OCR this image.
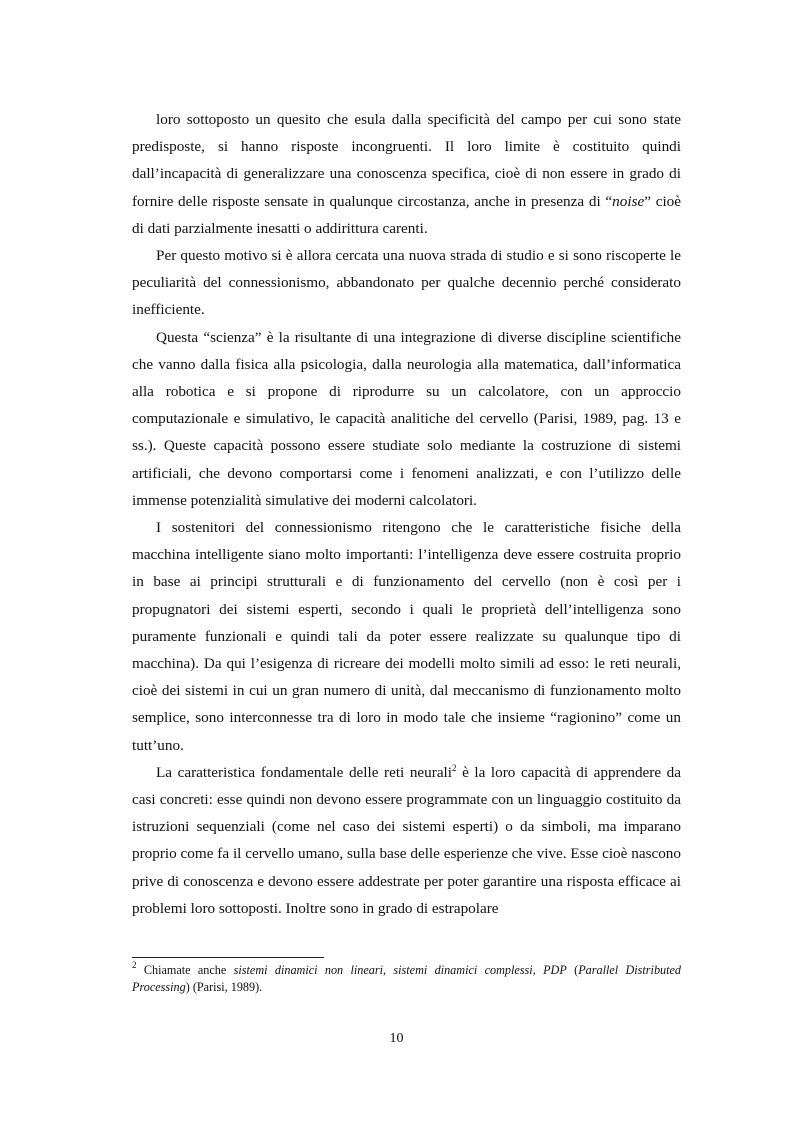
loro sottoposto un quesito che esula dalla specificità del campo per cui sono state predisposte, si hanno risposte incongruenti. Il loro limite è costituito quindi dall’incapacità di generalizzare una conoscenza specifica, cioè di non essere in grado di fornire delle risposte sensate in qualunque circostanza, anche in presenza di “noise” cioè di dati parzialmente inesatti o addirittura carenti.

Per questo motivo si è allora cercata una nuova strada di studio e si sono riscoperte le peculiarità del connessionismo, abbandonato per qualche decennio perché considerato inefficiente.

Questa “scienza” è la risultante di una integrazione di diverse discipline scientifiche che vanno dalla fisica alla psicologia, dalla neurologia alla matematica, dall’informatica alla robotica e si propone di riprodurre su un calcolatore, con un approccio computazionale e simulativo, le capacità analitiche del cervello (Parisi, 1989, pag. 13 e ss.). Queste capacità possono essere studiate solo mediante la costruzione di sistemi artificiali, che devono comportarsi come i fenomeni analizzati, e con l’utilizzo delle immense potenzialità simulative dei moderni calcolatori.

I sostenitori del connessionismo ritengono che le caratteristiche fisiche della macchina intelligente siano molto importanti: l’intelligenza deve essere costruita proprio in base ai principi strutturali e di funzionamento del cervello (non è così per i propugnatori dei sistemi esperti, secondo i quali le proprietà dell’intelligenza sono puramente funzionali e quindi tali da poter essere realizzate su qualunque tipo di macchina). Da qui l’esigenza di ricreare dei modelli molto simili ad esso: le reti neurali, cioè dei sistemi in cui un gran numero di unità, dal meccanismo di funzionamento molto semplice, sono interconnesse tra di loro in modo tale che insieme “ragionino” come un tutt’uno.

La caratteristica fondamentale delle reti neurali$^2$ è la loro capacità di apprendere da casi concreti: esse quindi non devono essere programmate con un linguaggio costituito da istruzioni sequenziali (come nel caso dei sistemi esperti) o da simboli, ma imparano proprio come fa il cervello umano, sulla base delle esperienze che vive. Esse cioè nascono prive di conoscenza e devono essere addestrate per poter garantire una risposta efficace ai problemi loro sottoposti. Inoltre sono in grado di estrapolare

$^2$ Chiamate anche sistemi dinamici non lineari, sistemi dinamici complessi, PDP (Parallel Distributed Processing) (Parisi, 1989).

10
